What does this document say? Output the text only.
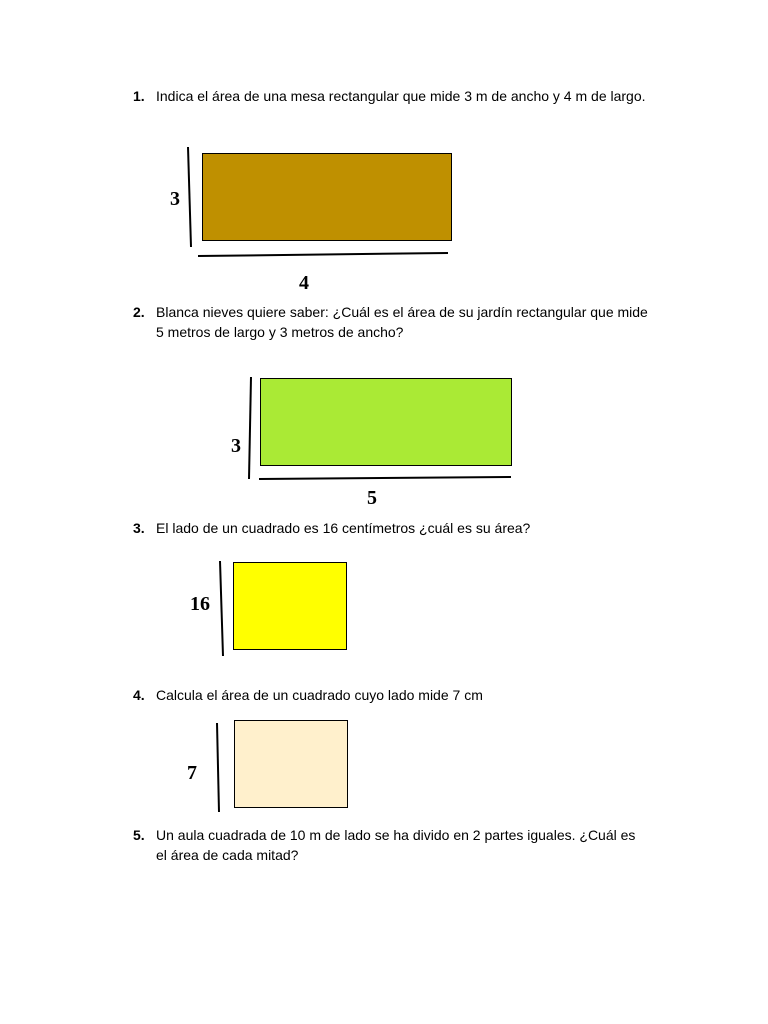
1. Indica el área de una mesa rectangular que mide 3 m de ancho y 4 m de largo.
3
4
2. Blanca nieves quiere saber: ¿Cuál es el área de su jardín rectangular que mide 5 metros de largo y 3 metros de ancho?
3
5
3. El lado de un cuadrado es 16 centímetros ¿cuál es su área?
16
4. Calcula el área de un cuadrado cuyo lado mide 7 cm
7
5. Un aula cuadrada de 10 m de lado se ha divido en 2 partes iguales. ¿Cuál es el área de cada mitad?
